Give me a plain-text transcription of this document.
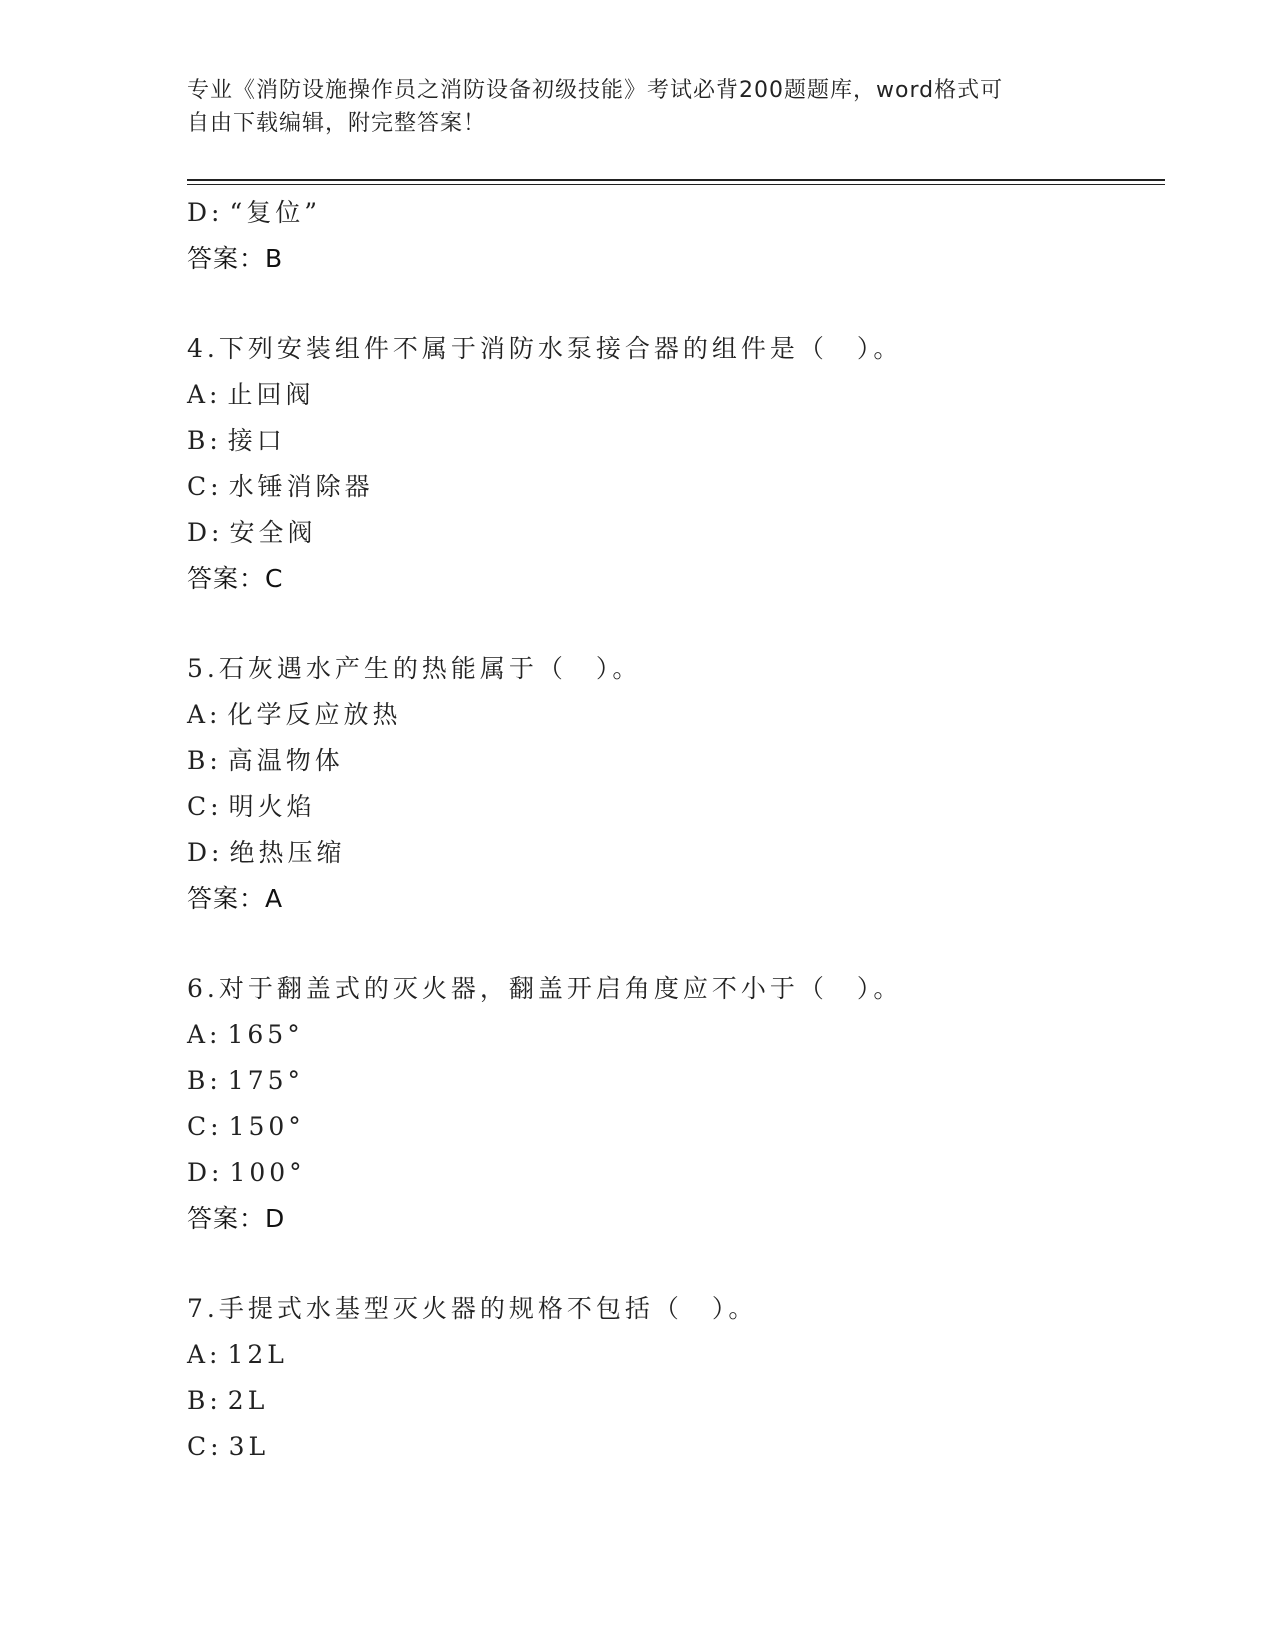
专业《消防设施操作员之消防设备初级技能》考试必背200题题库，word格式可
自由下载编辑，附完整答案！
D: “复位”
答案：B
4.下列安装组件不属于消防水泵接合器的组件是（　）。
A: 止回阀
B: 接口
C: 水锤消除器
D: 安全阀
答案：C
5.石灰遇水产生的热能属于（　）。
A: 化学反应放热
B: 高温物体
C: 明火焰
D: 绝热压缩
答案：A
6.对于翻盖式的灭火器，翻盖开启角度应不小于（　）。
A: 165°
B: 175°
C: 150°
D: 100°
答案：D
7.手提式水基型灭火器的规格不包括（　）。
A: 12L
B: 2L
C: 3L
